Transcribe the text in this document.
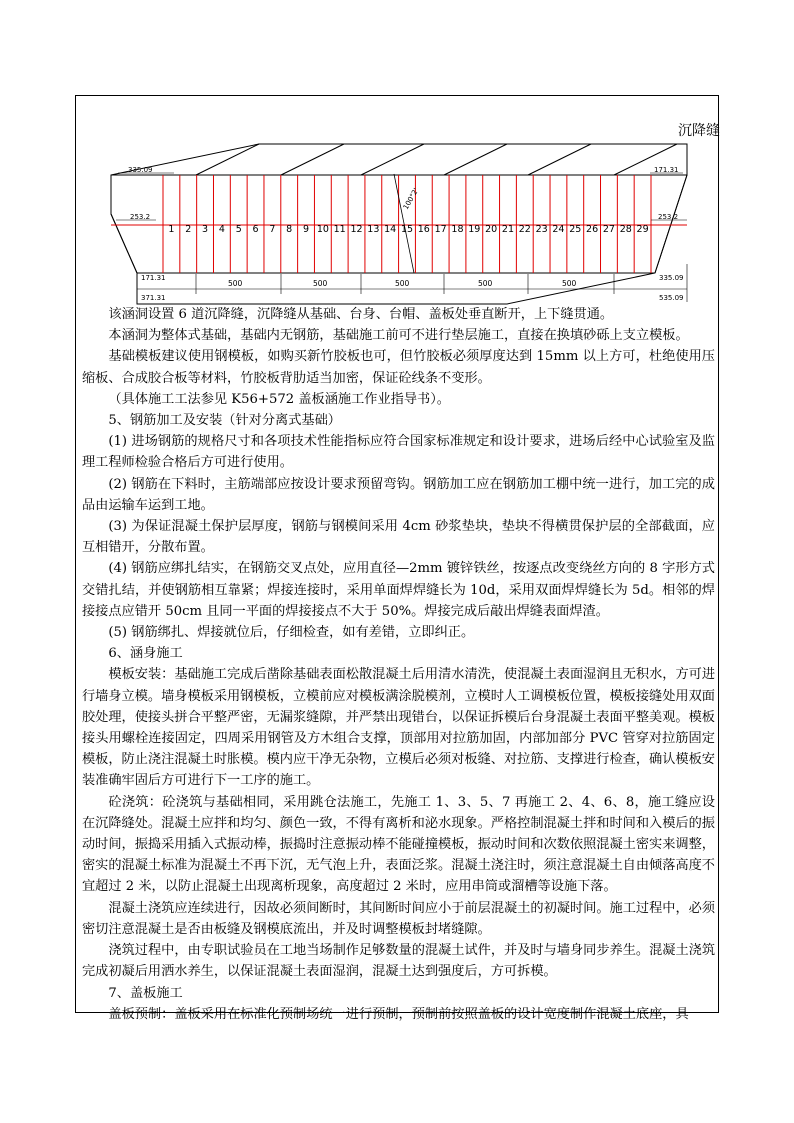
沉降缝
1 2 3 4 5 6 7 8 9 10 11 12 13 14 15 16 17 18 19 20 21 22 23 24 25 26 27 28 29
100°2'
335.09	171.31
253.2	253.2
171.31
371.31
500	500	500	500	500
335.09
535.09

该涵洞设置 6 道沉降缝，沉降缝从基础、台身、台帽、盖板处垂直断开，上下缝贯通。

本涵洞为整体式基础，基础内无钢筋，基础施工前可不进行垫层施工，直接在换填砂砾上支立模板。

基础模板建议使用钢模板，如购买新竹胶板也可，但竹胶板必须厚度达到 15mm 以上方可，杜绝使用压缩板、合成胶合板等材料，竹胶板背肋适当加密，保证砼线条不变形。

（具体施工工法参见 K56+572 盖板涵施工作业指导书）。

5、钢筋加工及安装（针对分离式基础）

(1) 进场钢筋的规格尺寸和各项技术性能指标应符合国家标准规定和设计要求，进场后经中心试验室及监理工程师检验合格后方可进行使用。

(2) 钢筋在下料时，主筋端部应按设计要求预留弯钩。钢筋加工应在钢筋加工棚中统一进行，加工完的成品由运输车运到工地。

(3) 为保证混凝土保护层厚度，钢筋与钢模间采用 4cm 砂浆垫块，垫块不得横贯保护层的全部截面，应互相错开，分散布置。

(4) 钢筋应绑扎结实，在钢筋交叉点处，应用直径—2mm 镀锌铁丝，按逐点改变绕丝方向的 8 字形方式交错扎结，并使钢筋相互靠紧；焊接连接时，采用单面焊焊缝长为 10d，采用双面焊焊缝长为 5d。相邻的焊接接点应错开 50cm 且同一平面的焊接接点不大于 50%。焊接完成后敲出焊缝表面焊渣。

(5) 钢筋绑扎、焊接就位后，仔细检查，如有差错，立即纠正。

6、涵身施工

模板安装：基础施工完成后凿除基础表面松散混凝土后用清水清洗，使混凝土表面湿润且无积水，方可进行墙身立模。墙身模板采用钢模板，立模前应对模板满涂脱模剂，立模时人工调模板位置，模板接缝处用双面胶处理，使接头拼合平整严密，无漏浆缝隙，并严禁出现错台，以保证拆模后台身混凝土表面平整美观。模板接头用螺栓连接固定，四周采用钢管及方木组合支撑，顶部用对拉筋加固，内部加部分 PVC 管穿对拉筋固定模板，防止浇注混凝土时胀模。模内应干净无杂物，立模后必须对板缝、对拉筋、支撑进行检查，确认模板安装准确牢固后方可进行下一工序的施工。

砼浇筑：砼浇筑与基础相同，采用跳仓法施工，先施工 1、3、5、7 再施工 2、4、6、8，施工缝应设在沉降缝处。混凝土应拌和均匀、颜色一致，不得有离析和泌水现象。严格控制混凝土拌和时间和入模后的振动时间，振捣采用插入式振动棒，振捣时注意振动棒不能碰撞模板，振动时间和次数依照混凝土密实来调整，密实的混凝土标准为混凝土不再下沉，无气泡上升，表面泛浆。混凝土浇注时，须注意混凝土自由倾落高度不宜超过 2 米，以防止混凝土出现离析现象，高度超过 2 米时，应用串筒或溜槽等设施下落。

混凝土浇筑应连续进行，因故必须间断时，其间断时间应小于前层混凝土的初凝时间。施工过程中，必须密切注意混凝土是否由板缝及钢模底流出，并及时调整模板封堵缝隙。

浇筑过程中，由专职试验员在工地当场制作足够数量的混凝土试件，并及时与墙身同步养生。混凝土浇筑完成初凝后用洒水养生，以保证混凝土表面湿润，混凝土达到强度后，方可拆模。

7、盖板施工

盖板预制：盖板采用在标准化预制场统一进行预制，预制前按照盖板的设计宽度制作混凝土底座，具
